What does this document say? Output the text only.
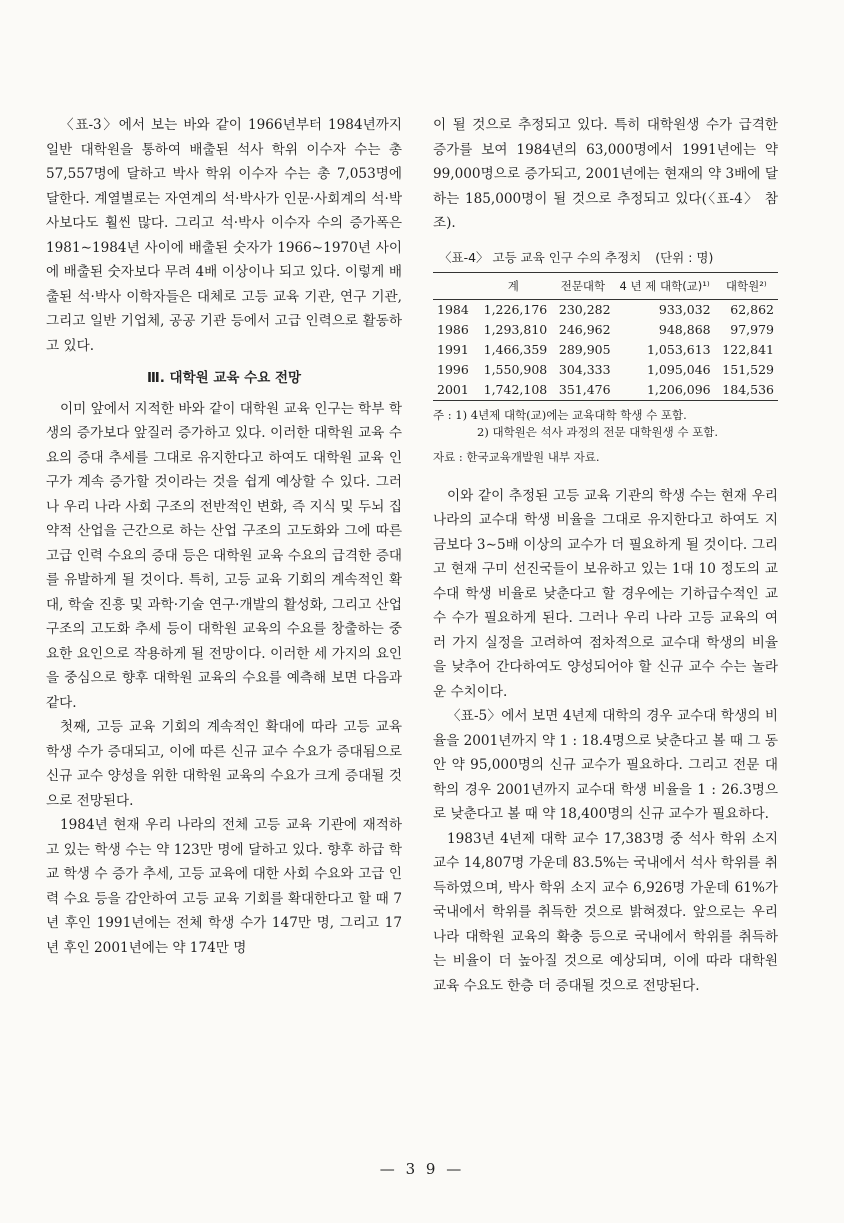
〈표-3〉에서 보는 바와 같이 1966년부터 1984년까지 일반 대학원을 통하여 배출된 석사 학위 이수자 수는 총 57,557명에 달하고 박사 학위 이수자 수는 총 7,053명에 달한다. 계열별로는 자연계의 석·박사가 인문·사회계의 석·박사보다도 훨씬 많다. 그리고 석·박사 이수자 수의 증가폭은 1981∼1984년 사이에 배출된 숫자가 1966∼1970년 사이에 배출된 숫자보다 무려 4배 이상이나 되고 있다. 이렇게 배출된 석·박사 이학자들은 대체로 고등 교육 기관, 연구 기관, 그리고 일반 기업체, 공공 기관 등에서 고급 인력으로 활동하고 있다.

Ⅲ. 대학원 교육 수요 전망

이미 앞에서 지적한 바와 같이 대학원 교육 인구는 학부 학생의 증가보다 앞질러 증가하고 있다. 이러한 대학원 교육 수요의 증대 추세를 그대로 유지한다고 하여도 대학원 교육 인구가 계속 증가할 것이라는 것을 쉽게 예상할 수 있다. 그러나 우리 나라 사회 구조의 전반적인 변화, 즉 지식 및 두뇌 집약적 산업을 근간으로 하는 산업 구조의 고도화와 그에 따른 고급 인력 수요의 증대 등은 대학원 교육 수요의 급격한 증대를 유발하게 될 것이다. 특히, 고등 교육 기회의 계속적인 확대, 학술 진흥 및 과학·기술 연구·개발의 활성화, 그리고 산업 구조의 고도화 추세 등이 대학원 교육의 수요를 창출하는 중요한 요인으로 작용하게 될 전망이다. 이러한 세 가지의 요인을 중심으로 향후 대학원 교육의 수요를 예측해 보면 다음과 같다.

첫째, 고등 교육 기회의 계속적인 확대에 따라 고등 교육 학생 수가 증대되고, 이에 따른 신규 교수 수요가 증대됨으로 신규 교수 양성을 위한 대학원 교육의 수요가 크게 증대될 것으로 전망된다.

1984년 현재 우리 나라의 전체 고등 교육 기관에 재적하고 있는 학생 수는 약 123만 명에 달하고 있다. 향후 하급 학교 학생 수 증가 추세, 고등 교육에 대한 사회 수요와 고급 인력 수요 등을 감안하여 고등 교육 기회를 확대한다고 할 때 7년 후인 1991년에는 전체 학생 수가 147만 명, 그리고 17년 후인 2001년에는 약 174만 명

이 될 것으로 추정되고 있다. 특히 대학원생 수가 급격한 증가를 보여 1984년의 63,000명에서 1991년에는 약 99,000명으로 증가되고, 2001년에는 현재의 약 3배에 달하는 185,000명이 될 것으로 추정되고 있다(〈표-4〉 참조).

〈표-4〉 고등 교육 인구 수의 추정치 (단위 : 명)
	계	전문대학	4 년 제 대학(교)¹⁾	대학원²⁾
1984	1,226,176	230,282	933,032	62,862
1986	1,293,810	246,962	948,868	97,979
1991	1,466,359	289,905	1,053,613	122,841
1996	1,550,908	304,333	1,095,046	151,529
2001	1,742,108	351,476	1,206,096	184,536
주 : 1) 4년제 대학(교)에는 교육대학 학생 수 포함.
2) 대학원은 석사 과정의 전문 대학원생 수 포함.
자료 : 한국교육개발원 내부 자료.

이와 같이 추정된 고등 교육 기관의 학생 수는 현재 우리 나라의 교수대 학생 비율을 그대로 유지한다고 하여도 지금보다 3∼5배 이상의 교수가 더 필요하게 될 것이다. 그리고 현재 구미 선진국들이 보유하고 있는 1대 10 정도의 교수대 학생 비율로 낮춘다고 할 경우에는 기하급수적인 교수 수가 필요하게 된다. 그러나 우리 나라 고등 교육의 여러 가지 실정을 고려하여 점차적으로 교수대 학생의 비율을 낮추어 간다하여도 양성되어야 할 신규 교수 수는 놀라운 수치이다.

〈표-5〉에서 보면 4년제 대학의 경우 교수대 학생의 비율을 2001년까지 약 1 : 18.4명으로 낮춘다고 볼 때 그 동안 약 95,000명의 신규 교수가 필요하다. 그리고 전문 대학의 경우 2001년까지 교수대 학생 비율을 1 : 26.3명으로 낮춘다고 볼 때 약 18,400명의 신규 교수가 필요하다.

1983년 4년제 대학 교수 17,383명 중 석사 학위 소지 교수 14,807명 가운데 83.5%는 국내에서 석사 학위를 취득하였으며, 박사 학위 소지 교수 6,926명 가운데 61%가 국내에서 학위를 취득한 것으로 밝혀졌다. 앞으로는 우리 나라 대학원 교육의 확충 등으로 국내에서 학위를 취득하는 비율이 더 높아질 것으로 예상되며, 이에 따라 대학원 교육 수요도 한층 더 증대될 것으로 전망된다.

— 3 9 —
